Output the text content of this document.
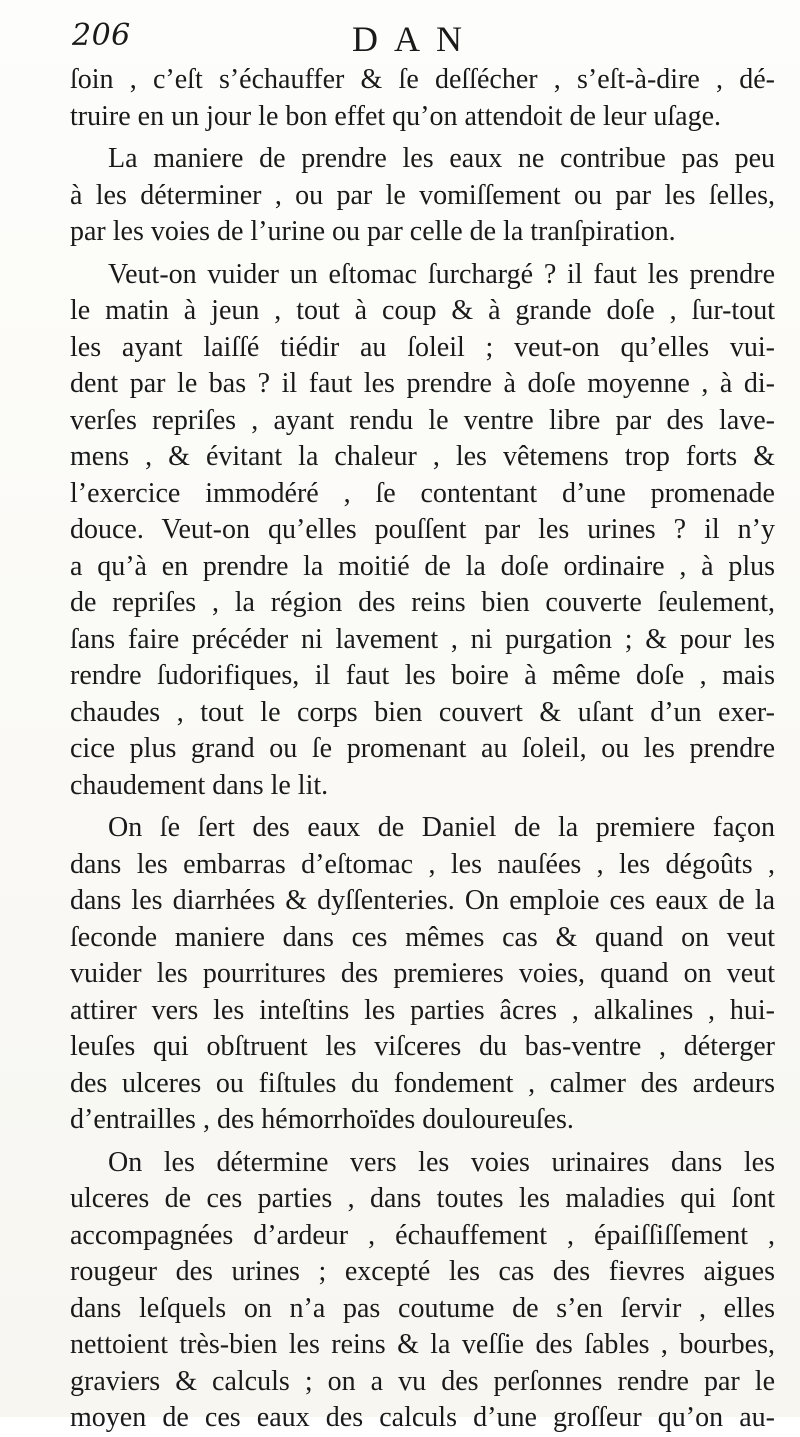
206	DAN
ſoin , c’eſt s’échauffer & ſe deſſécher , s’eſt-à-dire , dé-
truire en un jour le bon effet qu’on attendoit de leur uſage.
La maniere de prendre les eaux ne contribue pas peu
à les déterminer , ou par le vomiſſement ou par les ſelles,
par les voies de l’urine ou par celle de la tranſpiration.
Veut-on vuider un eſtomac ſurchargé ? il faut les prendre
le matin à jeun , tout à coup & à grande doſe , ſur-tout
les ayant laiſſé tiédir au ſoleil ; veut-on qu’elles vui-
dent par le bas ? il faut les prendre à doſe moyenne , à di-
verſes repriſes , ayant rendu le ventre libre par des lave-
mens , & évitant la chaleur , les vêtemens trop forts &
l’exercice immodéré , ſe contentant d’une promenade
douce. Veut-on qu’elles pouſſent par les urines ? il n’y
a qu’à en prendre la moitié de la doſe ordinaire , à plus
de repriſes , la région des reins bien couverte ſeulement,
ſans faire précéder ni lavement , ni purgation ; & pour les
rendre ſudorifiques, il faut les boire à même doſe , mais
chaudes , tout le corps bien couvert & uſant d’un exer-
cice plus grand ou ſe promenant au ſoleil, ou les prendre
chaudement dans le lit.
On ſe ſert des eaux de Daniel de la premiere façon
dans les embarras d’eſtomac , les nauſées , les dégoûts ,
dans les diarrhées & dyſſenteries. On emploie ces eaux de la
ſeconde maniere dans ces mêmes cas & quand on veut
vuider les pourritures des premieres voies, quand on veut
attirer vers les inteſtins les parties âcres , alkalines , hui-
leuſes qui obſtruent les viſceres du bas-ventre , déterger
des ulceres ou fiſtules du fondement , calmer des ardeurs
d’entrailles , des hémorrhoïdes douloureuſes.
On les détermine vers les voies urinaires dans les
ulceres de ces parties , dans toutes les maladies qui ſont
accompagnées d’ardeur , échauffement , épaiſſiſſement ,
rougeur des urines ; excepté les cas des fievres aigues
dans leſquels on n’a pas coutume de s’en ſervir , elles
nettoient très-bien les reins & la veſſie des ſables , bourbes,
graviers & calculs ; on a vu des perſonnes rendre par le
moyen de ces eaux des calculs d’une groſſeur qu’on au-
